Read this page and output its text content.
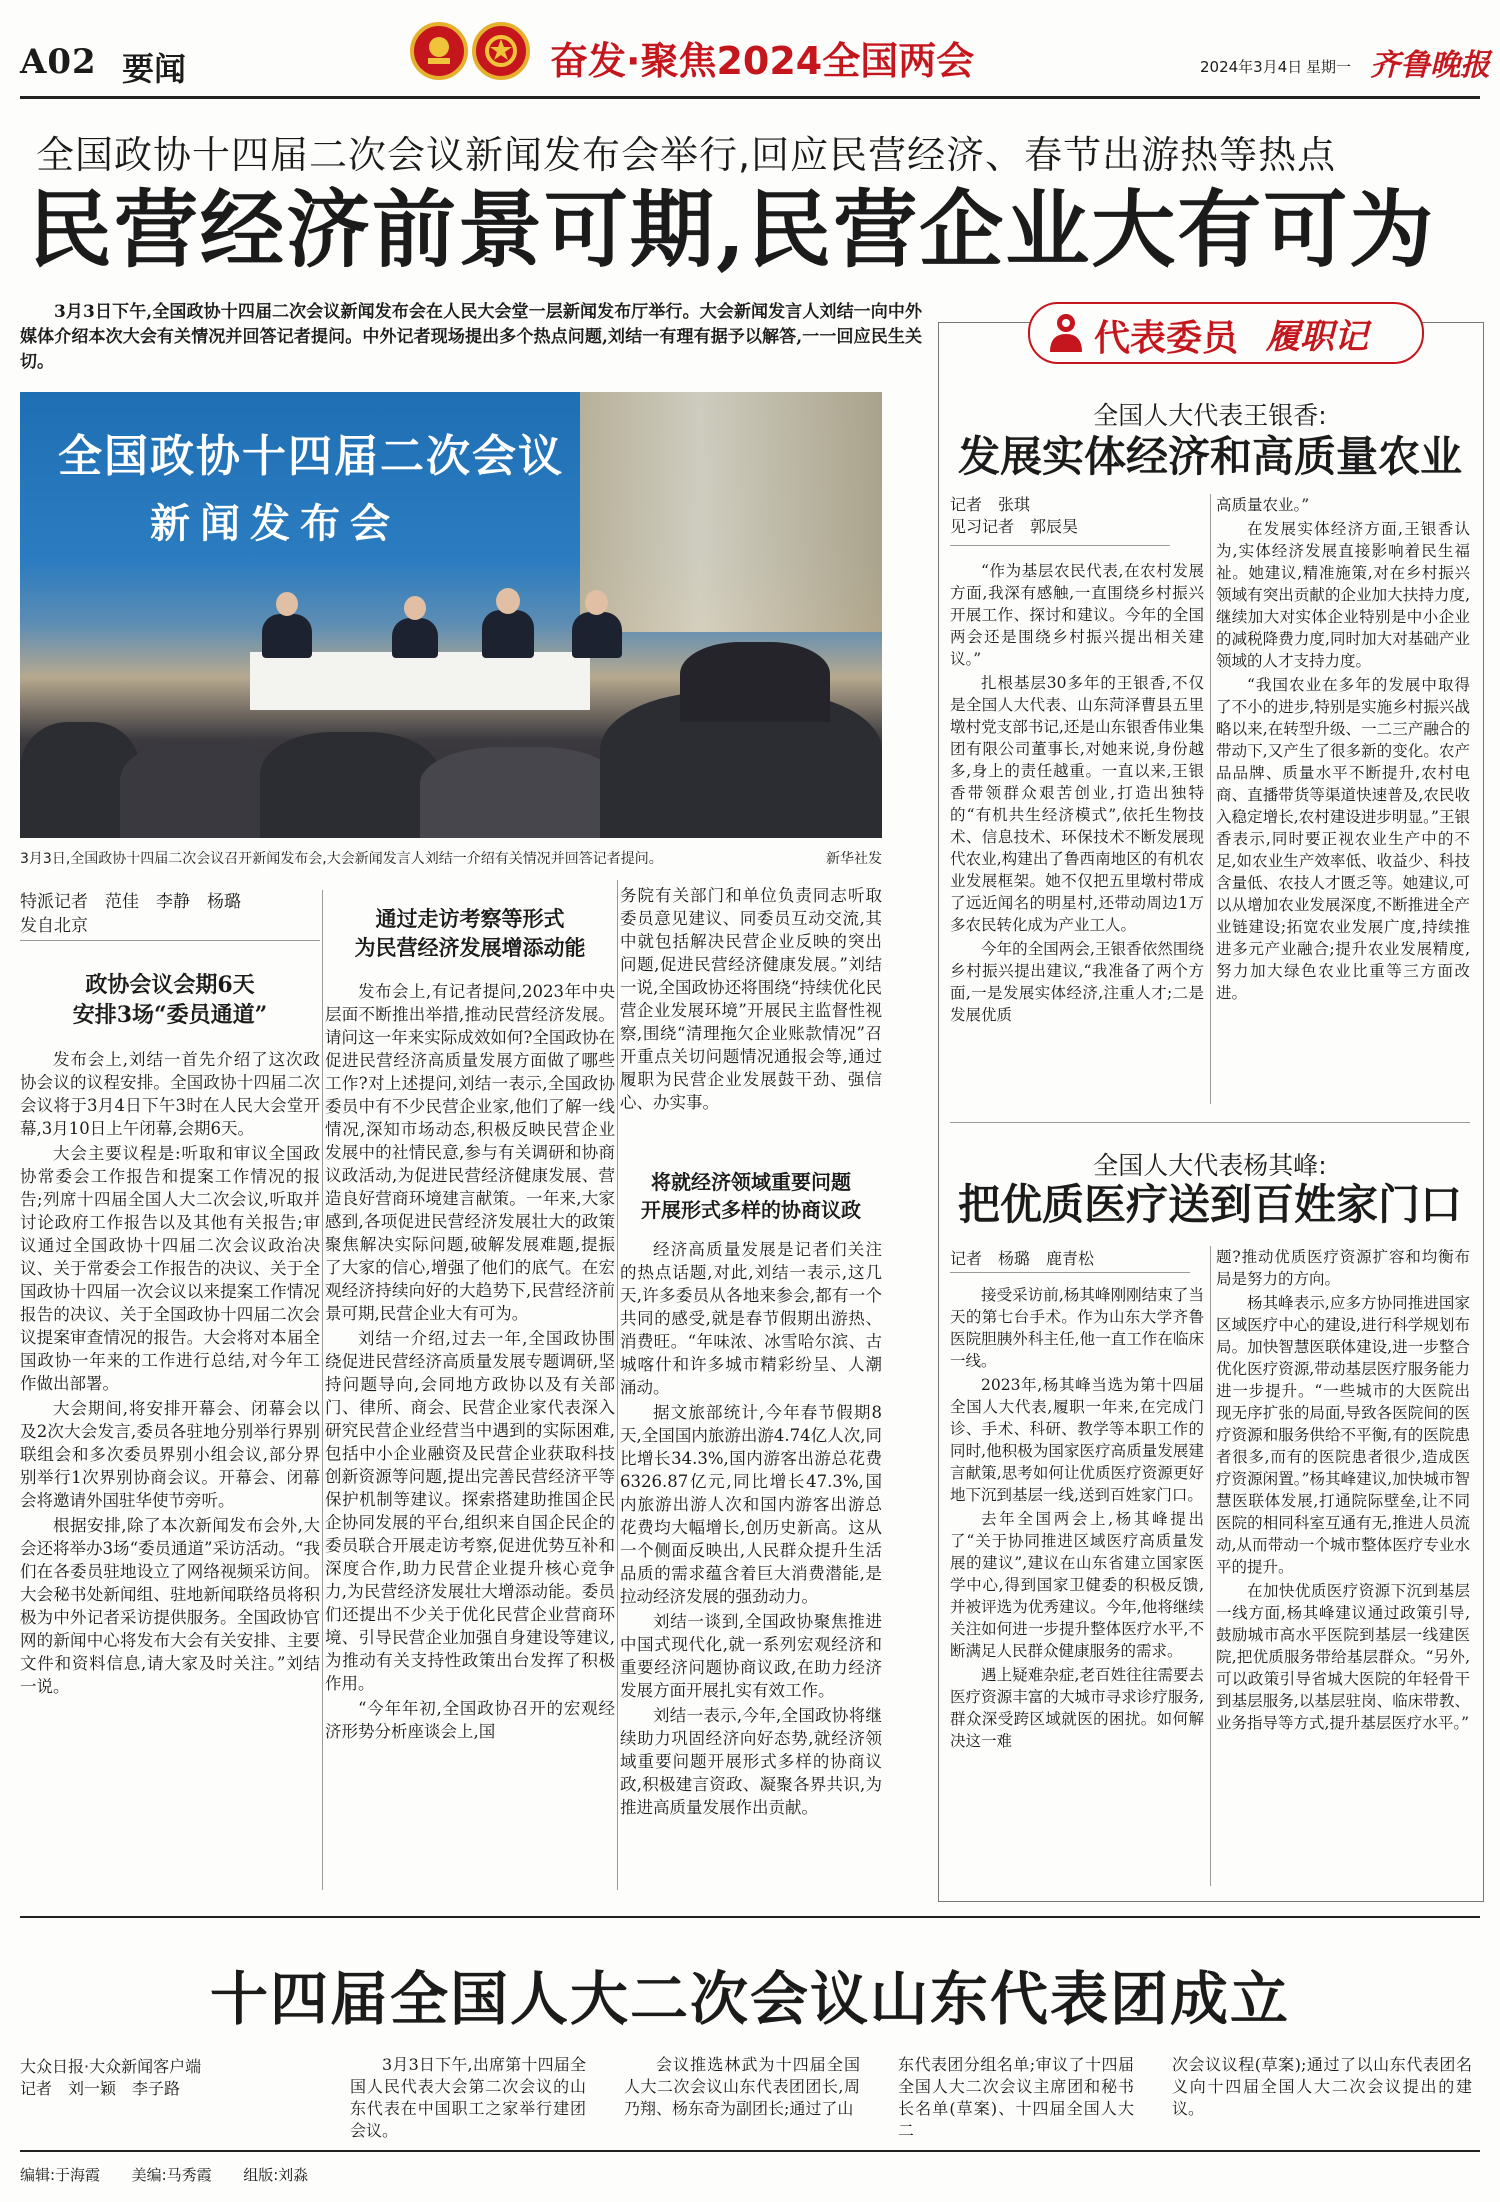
A02 要闻	奋发·聚焦2024全国两会	2024年3月4日 星期一 齐鲁晚报
全国政协十四届二次会议新闻发布会举行,回应民营经济、春节出游热等热点
民营经济前景可期,民营企业大有可为
3月3日下午,全国政协十四届二次会议新闻发布会在人民大会堂一层新闻发布厅举行。大会新闻发言人刘结一向中外媒体介绍本次大会有关情况并回答记者提问。中外记者现场提出多个热点问题,刘结一有理有据予以解答,一一回应民生关切。
全国政协十四届二次会议
新闻发布会
3月3日,全国政协十四届二次会议召开新闻发布会,大会新闻发言人刘结一介绍有关情况并回答记者提问。	新华社发
特派记者　范佳　李静　杨璐
发自北京
政协会议会期6天
安排3场“委员通道”

发布会上,刘结一首先介绍了这次政协会议的议程安排。全国政协十四届二次会议将于3月4日下午3时在人民大会堂开幕,3月10日上午闭幕,会期6天。

大会主要议程是:听取和审议全国政协常委会工作报告和提案工作情况的报告;列席十四届全国人大二次会议,听取并讨论政府工作报告以及其他有关报告;审议通过全国政协十四届二次会议政治决议、关于常委会工作报告的决议、关于全国政协十四届一次会议以来提案工作情况报告的决议、关于全国政协十四届二次会议提案审查情况的报告。大会将对本届全国政协一年来的工作进行总结,对今年工作做出部署。

大会期间,将安排开幕会、闭幕会以及2次大会发言,委员各驻地分别举行界别联组会和多次委员界别小组会议,部分界别举行1次界别协商会议。开幕会、闭幕会将邀请外国驻华使节旁听。

根据安排,除了本次新闻发布会外,大会还将举办3场“委员通道”采访活动。“我们在各委员驻地设立了网络视频采访间。大会秘书处新闻组、驻地新闻联络员将积极为中外记者采访提供服务。全国政协官网的新闻中心将发布大会有关安排、主要文件和资料信息,请大家及时关注。”刘结一说。

通过走访考察等形式
为民营经济发展增添动能

发布会上,有记者提问,2023年中央层面不断推出举措,推动民营经济发展。请问这一年来实际成效如何?全国政协在促进民营经济高质量发展方面做了哪些工作?对上述提问,刘结一表示,全国政协委员中有不少民营企业家,他们了解一线情况,深知市场动态,积极反映民营企业发展中的社情民意,参与有关调研和协商议政活动,为促进民营经济健康发展、营造良好营商环境建言献策。一年来,大家感到,各项促进民营经济发展壮大的政策聚焦解决实际问题,破解发展难题,提振了大家的信心,增强了他们的底气。在宏观经济持续向好的大趋势下,民营经济前景可期,民营企业大有可为。

刘结一介绍,过去一年,全国政协围绕促进民营经济高质量发展专题调研,坚持问题导向,会同地方政协以及有关部门、律所、商会、民营企业家代表深入研究民营企业经营当中遇到的实际困难,包括中小企业融资及民营企业获取科技创新资源等问题,提出完善民营经济平等保护机制等建议。探索搭建助推国企民企协同发展的平台,组织来自国企民企的委员联合开展走访考察,促进优势互补和深度合作,助力民营企业提升核心竞争力,为民营经济发展壮大增添动能。委员们还提出不少关于优化民营企业营商环境、引导民营企业加强自身建设等建议,为推动有关支持性政策出台发挥了积极作用。

“今年年初,全国政协召开的宏观经济形势分析座谈会上,国

务院有关部门和单位负责同志听取委员意见建议、同委员互动交流,其中就包括解决民营企业反映的突出问题,促进民营经济健康发展。”刘结一说,全国政协还将围绕“持续优化民营企业发展环境”开展民主监督性视察,围绕“清理拖欠企业账款情况”召开重点关切问题情况通报会等,通过履职为民营企业发展鼓干劲、强信心、办实事。

将就经济领域重要问题
开展形式多样的协商议政

经济高质量发展是记者们关注的热点话题,对此,刘结一表示,这几天,许多委员从各地来参会,都有一个共同的感受,就是春节假期出游热、消费旺。“年味浓、冰雪哈尔滨、古城喀什和许多城市精彩纷呈、人潮涌动。

据文旅部统计,今年春节假期8天,全国国内旅游出游4.74亿人次,同比增长34.3%,国内游客出游总花费6326.87亿元,同比增长47.3%,国内旅游出游人次和国内游客出游总花费均大幅增长,创历史新高。这从一个侧面反映出,人民群众提升生活品质的需求蕴含着巨大消费潜能,是拉动经济发展的强劲动力。

刘结一谈到,全国政协聚焦推进中国式现代化,就一系列宏观经济和重要经济问题协商议政,在助力经济发展方面开展扎实有效工作。

刘结一表示,今年,全国政协将继续助力巩固经济向好态势,就经济领域重要问题开展形式多样的协商议政,积极建言资政、凝聚各界共识,为推进高质量发展作出贡献。

代表委员 履职记
全国人大代表王银香:
发展实体经济和高质量农业
记者　张琪
见习记者　郭辰昊

“作为基层农民代表,在农村发展方面,我深有感触,一直围绕乡村振兴开展工作、探讨和建议。今年的全国两会还是围绕乡村振兴提出相关建议。”

扎根基层30多年的王银香,不仅是全国人大代表、山东菏泽曹县五里墩村党支部书记,还是山东银香伟业集团有限公司董事长,对她来说,身份越多,身上的责任越重。一直以来,王银香带领群众艰苦创业,打造出独特的“有机共生经济模式”,依托生物技术、信息技术、环保技术不断发展现代农业,构建出了鲁西南地区的有机农业发展框架。她不仅把五里墩村带成了远近闻名的明星村,还带动周边1万多农民转化成为产业工人。

今年的全国两会,王银香依然围绕乡村振兴提出建议,“我准备了两个方面,一是发展实体经济,注重人才;二是发展优质

高质量农业。”

在发展实体经济方面,王银香认为,实体经济发展直接影响着民生福祉。她建议,精准施策,对在乡村振兴领域有突出贡献的企业加大扶持力度,继续加大对实体企业特别是中小企业的减税降费力度,同时加大对基础产业领域的人才支持力度。

“我国农业在多年的发展中取得了不小的进步,特别是实施乡村振兴战略以来,在转型升级、一二三产融合的带动下,又产生了很多新的变化。农产品品牌、质量水平不断提升,农村电商、直播带货等渠道快速普及,农民收入稳定增长,农村建设进步明显。”王银香表示,同时要正视农业生产中的不足,如农业生产效率低、收益少、科技含量低、农技人才匮乏等。她建议,可以从增加农业发展深度,不断推进全产业链建设;拓宽农业发展广度,持续推进多元产业融合;提升农业发展精度,努力加大绿色农业比重等三方面改进。

全国人大代表杨其峰:
把优质医疗送到百姓家门口
记者　杨璐　鹿青松

接受采访前,杨其峰刚刚结束了当天的第七台手术。作为山东大学齐鲁医院胆胰外科主任,他一直工作在临床一线。

2023年,杨其峰当选为第十四届全国人大代表,履职一年来,在完成门诊、手术、科研、教学等本职工作的同时,他积极为国家医疗高质量发展建言献策,思考如何让优质医疗资源更好地下沉到基层一线,送到百姓家门口。

去年全国两会上,杨其峰提出了“关于协同推进区域医疗高质量发展的建议”,建议在山东省建立国家医学中心,得到国家卫健委的积极反馈,并被评选为优秀建议。今年,他将继续关注如何进一步提升整体医疗水平,不断满足人民群众健康服务的需求。

遇上疑难杂症,老百姓往往需要去医疗资源丰富的大城市寻求诊疗服务,群众深受跨区域就医的困扰。如何解决这一难

题?推动优质医疗资源扩容和均衡布局是努力的方向。

杨其峰表示,应多方协同推进国家区域医疗中心的建设,进行科学规划布局。加快智慧医联体建设,进一步整合优化医疗资源,带动基层医疗服务能力进一步提升。“一些城市的大医院出现无序扩张的局面,导致各医院间的医疗资源和服务供给不平衡,有的医院患者很多,而有的医院患者很少,造成医疗资源闲置。”杨其峰建议,加快城市智慧医联体发展,打通院际壁垒,让不同医院的相同科室互通有无,推进人员流动,从而带动一个城市整体医疗专业水平的提升。

在加快优质医疗资源下沉到基层一线方面,杨其峰建议通过政策引导,鼓励城市高水平医院到基层一线建医院,把优质服务带给基层群众。“另外,可以政策引导省城大医院的年轻骨干到基层服务,以基层驻岗、临床带教、业务指导等方式,提升基层医疗水平。”

十四届全国人大二次会议山东代表团成立
大众日报·大众新闻客户端
记者　刘一颖　李子路
3月3日下午,出席第十四届全国人民代表大会第二次会议的山东代表在中国职工之家举行建团会议。
会议推选林武为十四届全国人大二次会议山东代表团团长,周乃翔、杨东奇为副团长;通过了山
东代表团分组名单;审议了十四届全国人大二次会议主席团和秘书长名单(草案)、十四届全国人大二
次会议议程(草案);通过了以山东代表团名义向十四届全国人大二次会议提出的建议。
编辑:于海霞 美编:马秀霞 组版:刘淼
